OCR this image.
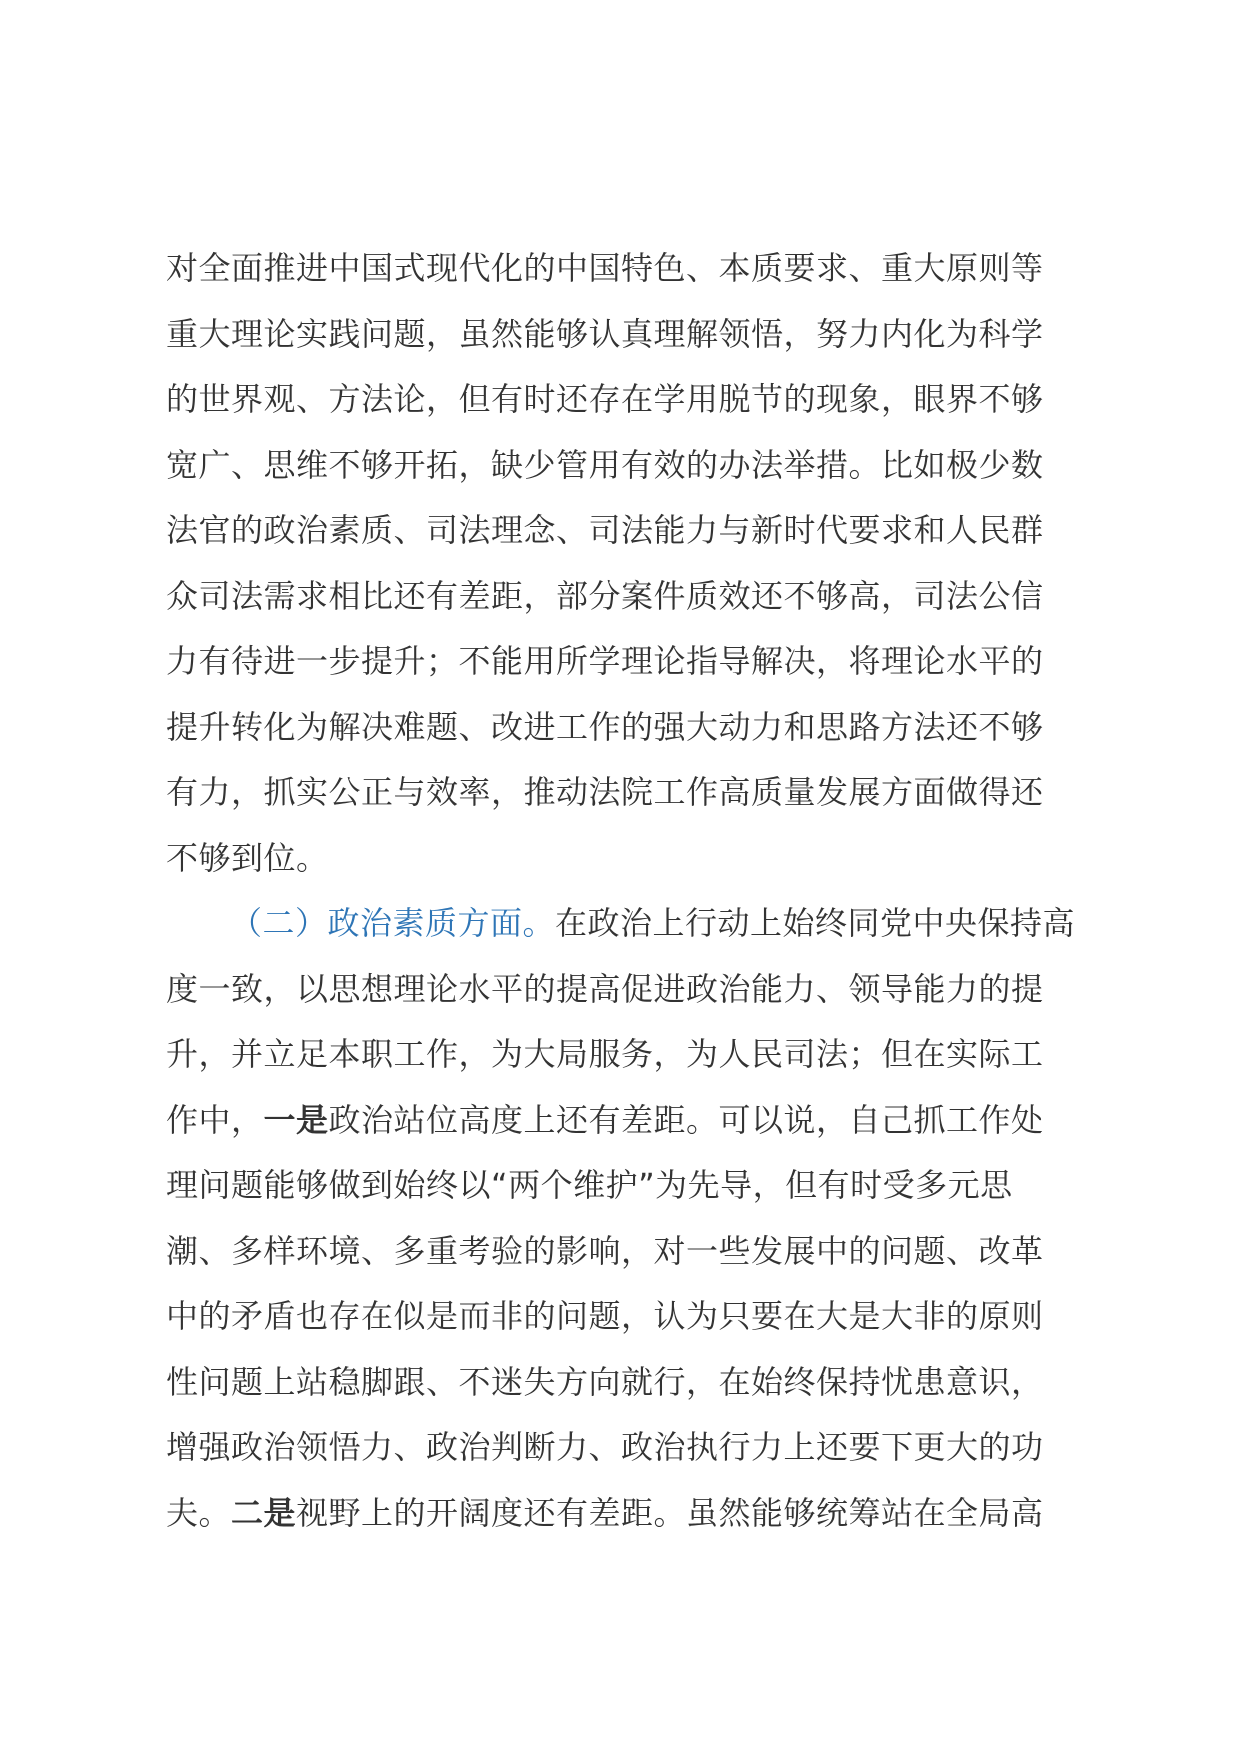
对全面推进中国式现代化的中国特色、本质要求、重大原则等
重大理论实践问题，虽然能够认真理解领悟，努力内化为科学
的世界观、方法论，但有时还存在学用脱节的现象，眼界不够
宽广、思维不够开拓，缺少管用有效的办法举措。比如极少数
法官的政治素质、司法理念、司法能力与新时代要求和人民群
众司法需求相比还有差距，部分案件质效还不够高，司法公信
力有待进一步提升；不能用所学理论指导解决，将理论水平的
提升转化为解决难题、改进工作的强大动力和思路方法还不够
有力，抓实公正与效率，推动法院工作高质量发展方面做得还
不够到位。
（二）政治素质方面。在政治上行动上始终同党中央保持高
度一致，以思想理论水平的提高促进政治能力、领导能力的提
升，并立足本职工作，为大局服务，为人民司法；但在实际工
作中，一是政治站位高度上还有差距。可以说，自己抓工作处
理问题能够做到始终以“两个维护”为先导，但有时受多元思
潮、多样环境、多重考验的影响，对一些发展中的问题、改革
中的矛盾也存在似是而非的问题，认为只要在大是大非的原则
性问题上站稳脚跟、不迷失方向就行，在始终保持忧患意识，
增强政治领悟力、政治判断力、政治执行力上还要下更大的功
夫。二是视野上的开阔度还有差距。虽然能够统筹站在全局高
